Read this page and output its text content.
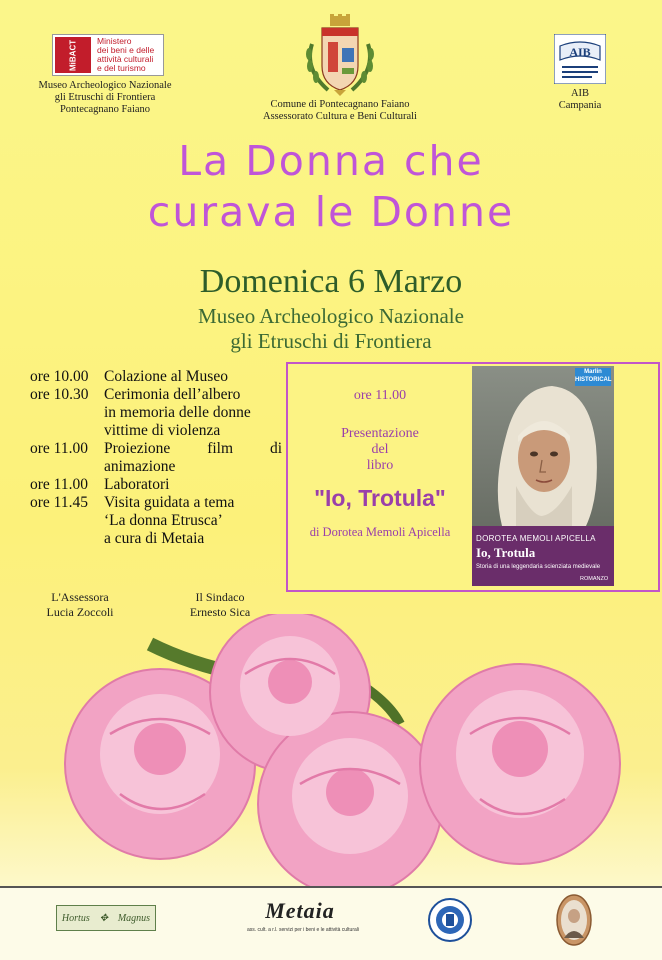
MiBACT	Ministero
dei beni e delle
attività culturali
e del turismo
Museo Archeologico Nazionale
gli Etruschi di Frontiera
Pontecagnano Faiano	Comune di Pontecagnano Faiano
Assessorato Cultura e Beni Culturali
AIB
AIB
Campania
La Donna che
curava le Donne
Domenica 6 Marzo
Museo Archeologico Nazionale
gli Etruschi di Frontiera
ore 10.00 Colazione al Museo
ore 10.30 Cerimonia dell’albero
in memoria delle donne
vittime di violenza
ore 11.00	Proiezione film di
animazione
ore 11.00	Laboratori
ore 11.45	Visita guidata a tema
‘La donna Etrusca’
a cura di Metaia
L'Assessora
Lucia Zoccoli
Il Sindaco
Ernesto Sica
ore 11.00
Presentazione
del
libro
"Io, Trotula"
di Dorotea Memoli Apicella
Marlin
HISTORICAL
DOROTEA MEMOLI APICELLA
Io, Trotula
Storia di una leggendaria scienziata medievale
ROMANZO
Hortus ✥ Magnus	Metaia
ass. cult. a r.l. servizi per i beni e le attività culturali
